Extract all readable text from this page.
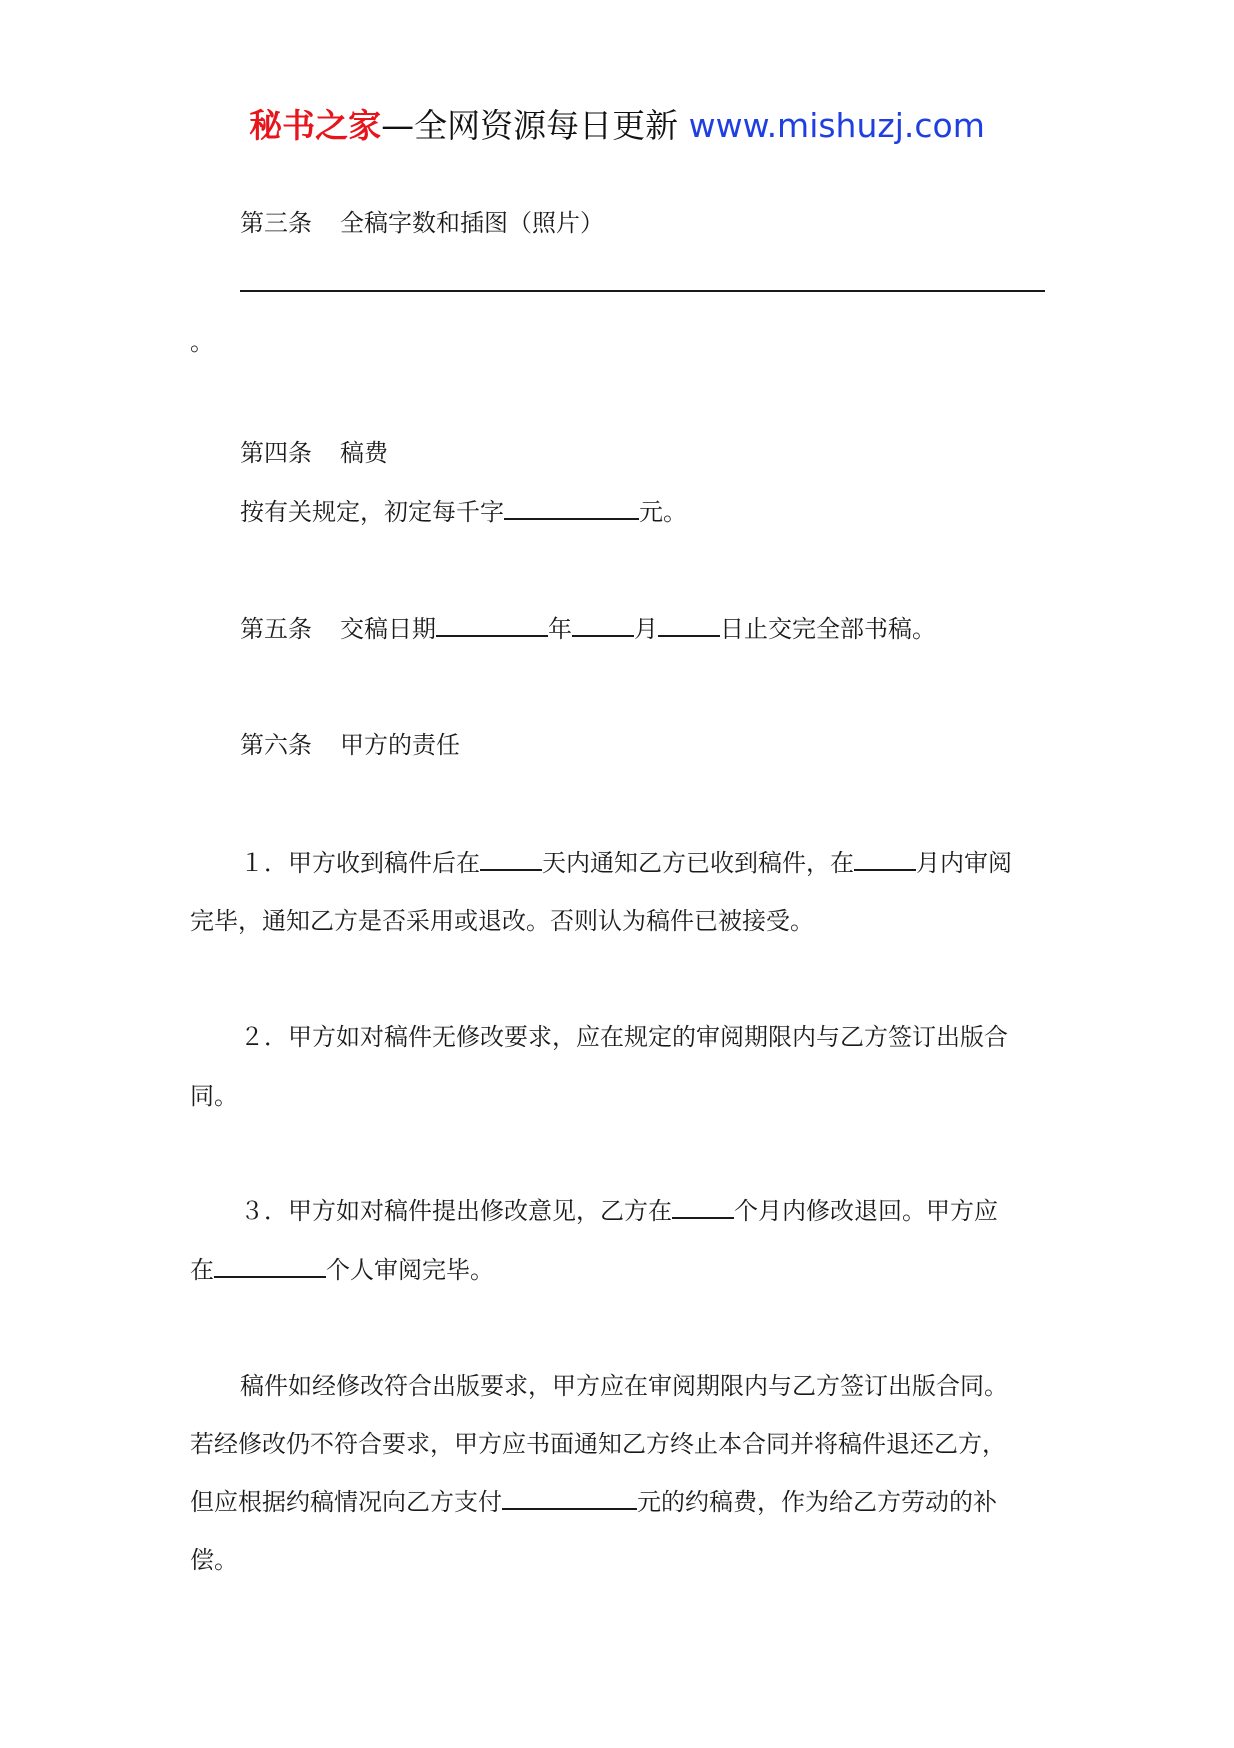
秘书之家—全网资源每日更新 www.mishuzj.com
第三条 全稿字数和插图（照片）
。
第四条 稿费
按有关规定，初定每千字	元。
第五条 交稿日期	年	月	日止交完全部书稿。
第六条 甲方的责任
１．甲方收到稿件后在	天内通知乙方已收到稿件，在	月内审阅
完毕，通知乙方是否采用或退改。否则认为稿件已被接受。
２．甲方如对稿件无修改要求，应在规定的审阅期限内与乙方签订出版合
同。
３．甲方如对稿件提出修改意见，乙方在	个月内修改退回。甲方应
在	个人审阅完毕。
稿件如经修改符合出版要求，甲方应在审阅期限内与乙方签订出版合同。
若经修改仍不符合要求，甲方应书面通知乙方终止本合同并将稿件退还乙方，
但应根据约稿情况向乙方支付	元的约稿费，作为给乙方劳动的补
偿。
